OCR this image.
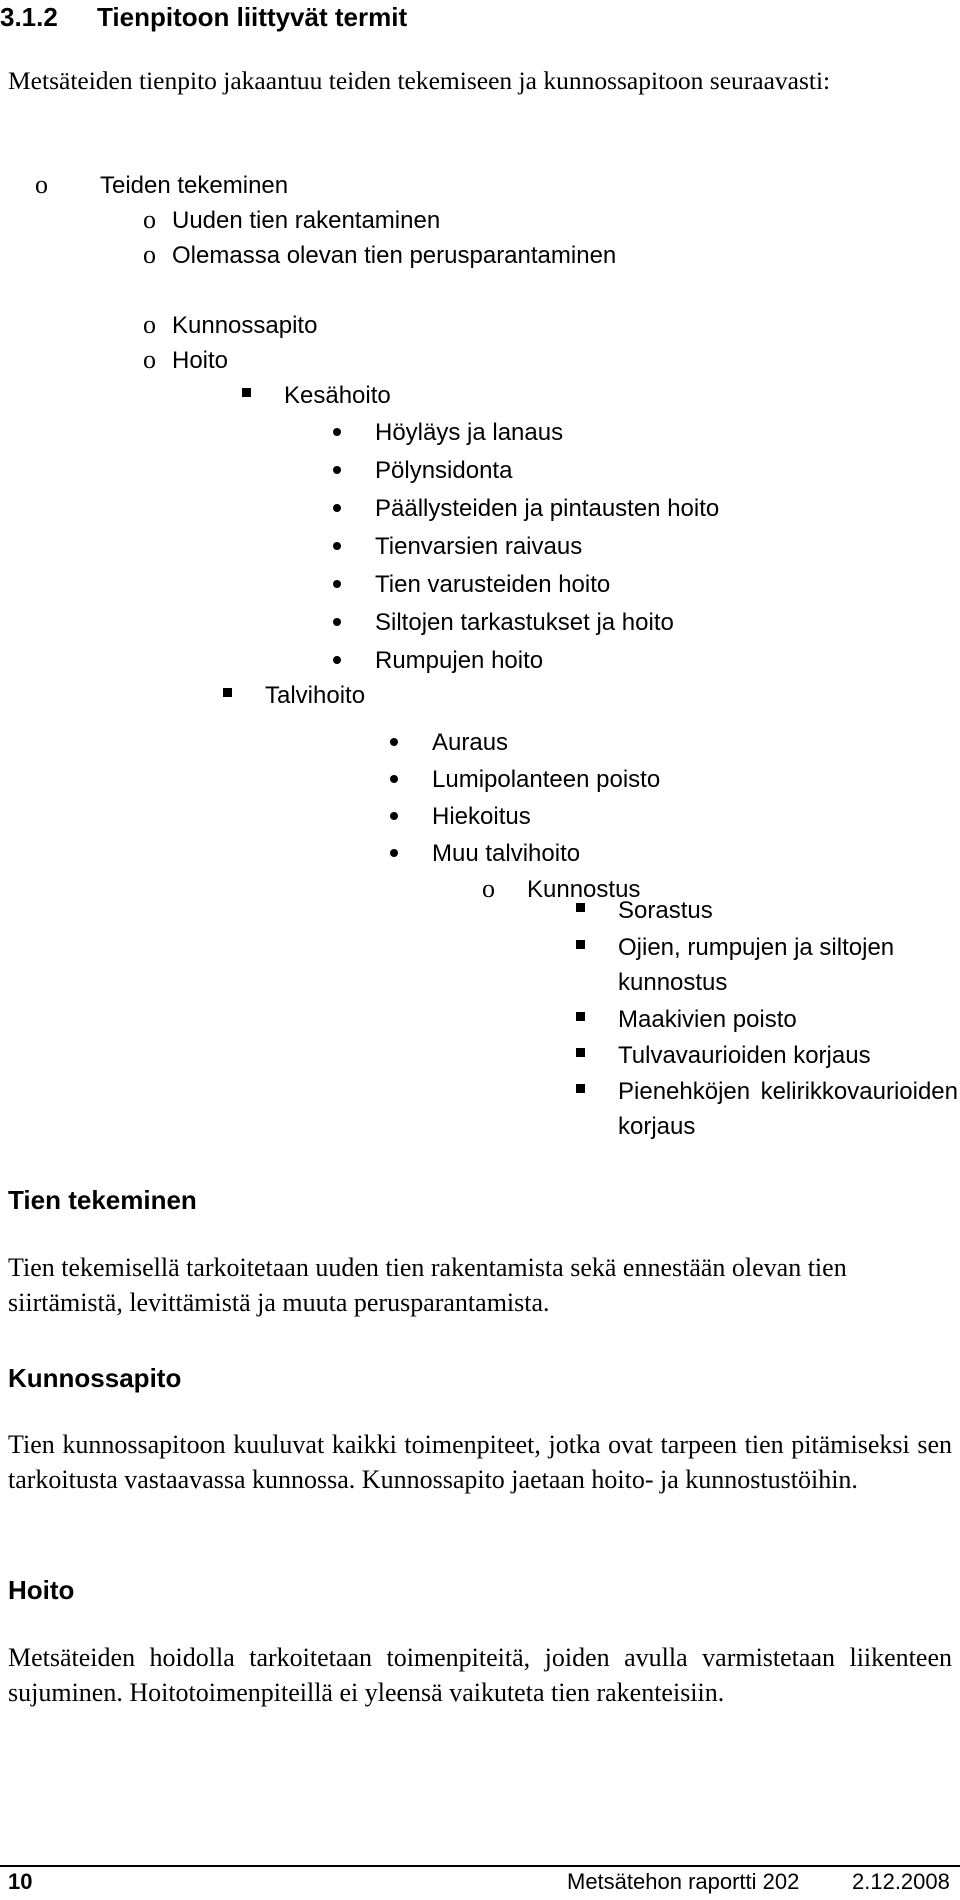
3.1.2 Tienpitoon liittyvät termit
Metsäteiden tienpito jakaantuu teiden tekemiseen ja kunnossapitoon seuraavasti:
o Teiden tekeminen
o Uuden tien rakentaminen
o Olemassa olevan tien perusparantaminen
o Kunnossapito
o Hoito
Kesähoito
Höyläys ja lanaus
Pölynsidonta
Päällysteiden ja pintausten hoito
Tienvarsien raivaus
Tien varusteiden hoito
Siltojen tarkastukset ja hoito
Rumpujen hoito
Talvihoito
Auraus
Lumipolanteen poisto
Hiekoitus
Muu talvihoito
o Kunnostus
Sorastus
Ojien, rumpujen ja siltojen kunnostus
Maakivien poisto
Tulvavaurioiden korjaus
Pienehköjen kelirikkovaurioiden korjaus
Tien tekeminen
Tien tekemisellä tarkoitetaan uuden tien rakentamista sekä ennestään olevan tien siirtämistä, levittämistä ja muuta perusparantamista.
Kunnossapito
Tien kunnossapitoon kuuluvat kaikki toimenpiteet, jotka ovat tarpeen tien pitämiseksi sen tarkoitusta vastaavassa kunnossa. Kunnossapito jaetaan hoito- ja kunnostustöihin.
Hoito
Metsäteiden hoidolla tarkoitetaan toimenpiteitä, joiden avulla varmistetaan liikenteen sujuminen. Hoitotoimenpiteillä ei yleensä vaikuteta tien rakenteisiin.
10	Metsätehon raportti 202 2.12.2008
